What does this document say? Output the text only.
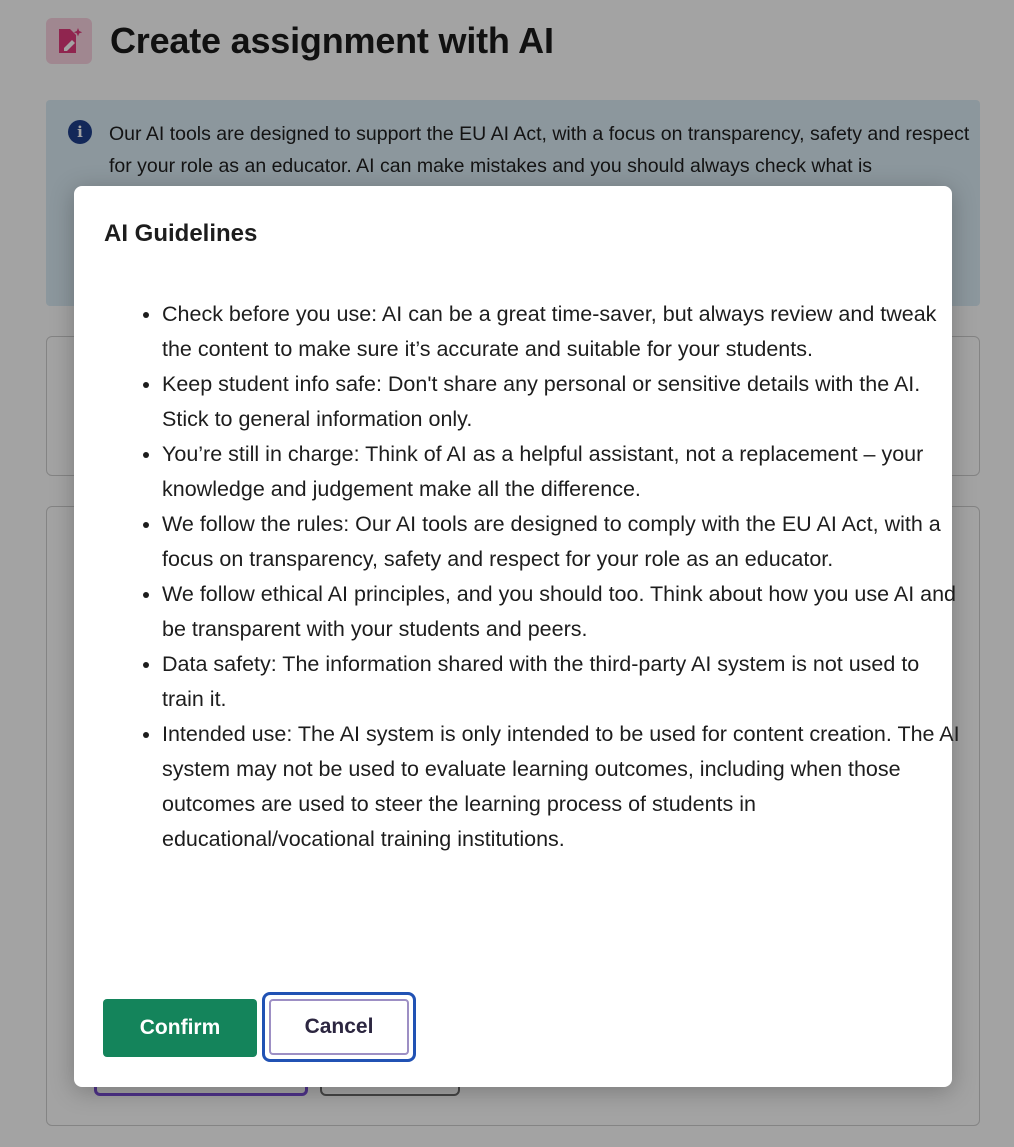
Create assignment with AI
i	Our AI tools are designed to support the EU AI Act, with a focus on transparency, safety and respect for your role as an educator. AI can make mistakes and you should always check what is

AI Guidelines
• Check before you use: AI can be a great time-saver, but always review and tweak the content to make sure it’s accurate and suitable for your students.
• Keep student info safe: Don't share any personal or sensitive details with the AI. Stick to general information only.
• You’re still in charge: Think of AI as a helpful assistant, not a replacement – your knowledge and judgement make all the difference.
• We follow the rules: Our AI tools are designed to comply with the EU AI Act, with a focus on transparency, safety and respect for your role as an educator.
• We follow ethical AI principles, and you should too. Think about how you use AI and be transparent with your students and peers.
• Data safety: The information shared with the third-party AI system is not used to train it.
• Intended use: The AI system is only intended to be used for content creation. The AI system may not be used to evaluate learning outcomes, including when those outcomes are used to steer the learning process of students in educational/vocational training institutions.
Confirm	Cancel
